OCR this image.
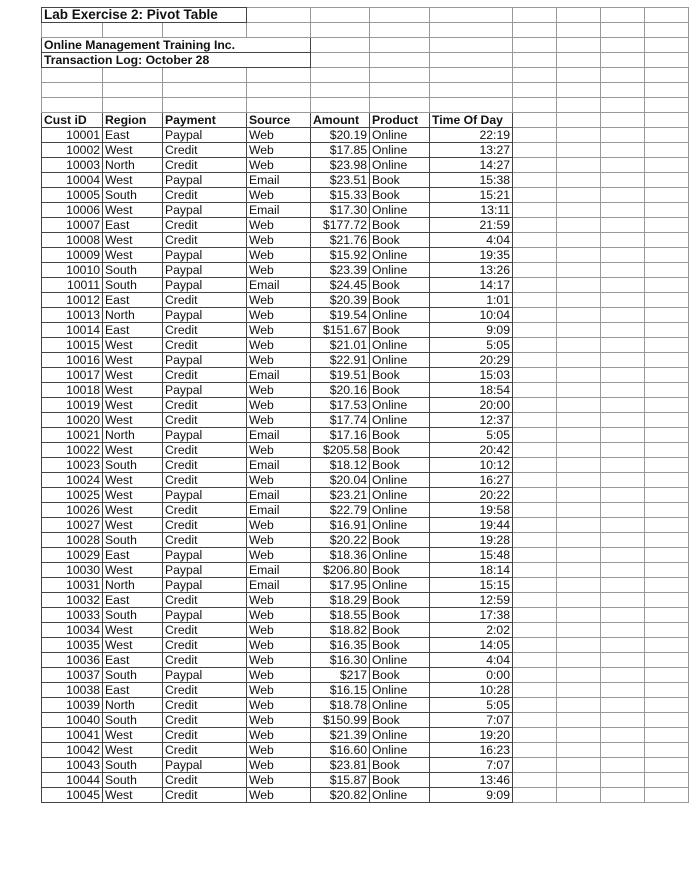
Lab Exercise 2: Pivot Table										

Online Management Training Inc.										
Transaction Log: October 28										

Cust iD	Region	Payment	Source	Amount	Product	Time Of Day				
10001	East	Paypal	Web	$20.19	Online	22:19				
10002	West	Credit	Web	$17.85	Online	13:27				
10003	North	Credit	Web	$23.98	Online	14:27				
10004	West	Paypal	Email	$23.51	Book	15:38				
10005	South	Credit	Web	$15.33	Book	15:21				
10006	West	Paypal	Email	$17.30	Online	13:11				
10007	East	Credit	Web	$177.72	Book	21:59				
10008	West	Credit	Web	$21.76	Book	4:04				
10009	West	Paypal	Web	$15.92	Online	19:35				
10010	South	Paypal	Web	$23.39	Online	13:26				
10011	South	Paypal	Email	$24.45	Book	14:17				
10012	East	Credit	Web	$20.39	Book	1:01				
10013	North	Paypal	Web	$19.54	Online	10:04				
10014	East	Credit	Web	$151.67	Book	9:09				
10015	West	Credit	Web	$21.01	Online	5:05				
10016	West	Paypal	Web	$22.91	Online	20:29				
10017	West	Credit	Email	$19.51	Book	15:03				
10018	West	Paypal	Web	$20.16	Book	18:54				
10019	West	Credit	Web	$17.53	Online	20:00				
10020	West	Credit	Web	$17.74	Online	12:37				
10021	North	Paypal	Email	$17.16	Book	5:05				
10022	West	Credit	Web	$205.58	Book	20:42				
10023	South	Credit	Email	$18.12	Book	10:12				
10024	West	Credit	Web	$20.04	Online	16:27				
10025	West	Paypal	Email	$23.21	Online	20:22				
10026	West	Credit	Email	$22.79	Online	19:58				
10027	West	Credit	Web	$16.91	Online	19:44				
10028	South	Credit	Web	$20.22	Book	19:28				
10029	East	Paypal	Web	$18.36	Online	15:48				
10030	West	Paypal	Email	$206.80	Book	18:14				
10031	North	Paypal	Email	$17.95	Online	15:15				
10032	East	Credit	Web	$18.29	Book	12:59				
10033	South	Paypal	Web	$18.55	Book	17:38				
10034	West	Credit	Web	$18.82	Book	2:02				
10035	West	Credit	Web	$16.35	Book	14:05				
10036	East	Credit	Web	$16.30	Online	4:04				
10037	South	Paypal	Web	$217	Book	0:00				
10038	East	Credit	Web	$16.15	Online	10:28				
10039	North	Credit	Web	$18.78	Online	5:05				
10040	South	Credit	Web	$150.99	Book	7:07				
10041	West	Credit	Web	$21.39	Online	19:20				
10042	West	Credit	Web	$16.60	Online	16:23				
10043	South	Paypal	Web	$23.81	Book	7:07				
10044	South	Credit	Web	$15.87	Book	13:46				
10045	West	Credit	Web	$20.82	Online	9:09				
